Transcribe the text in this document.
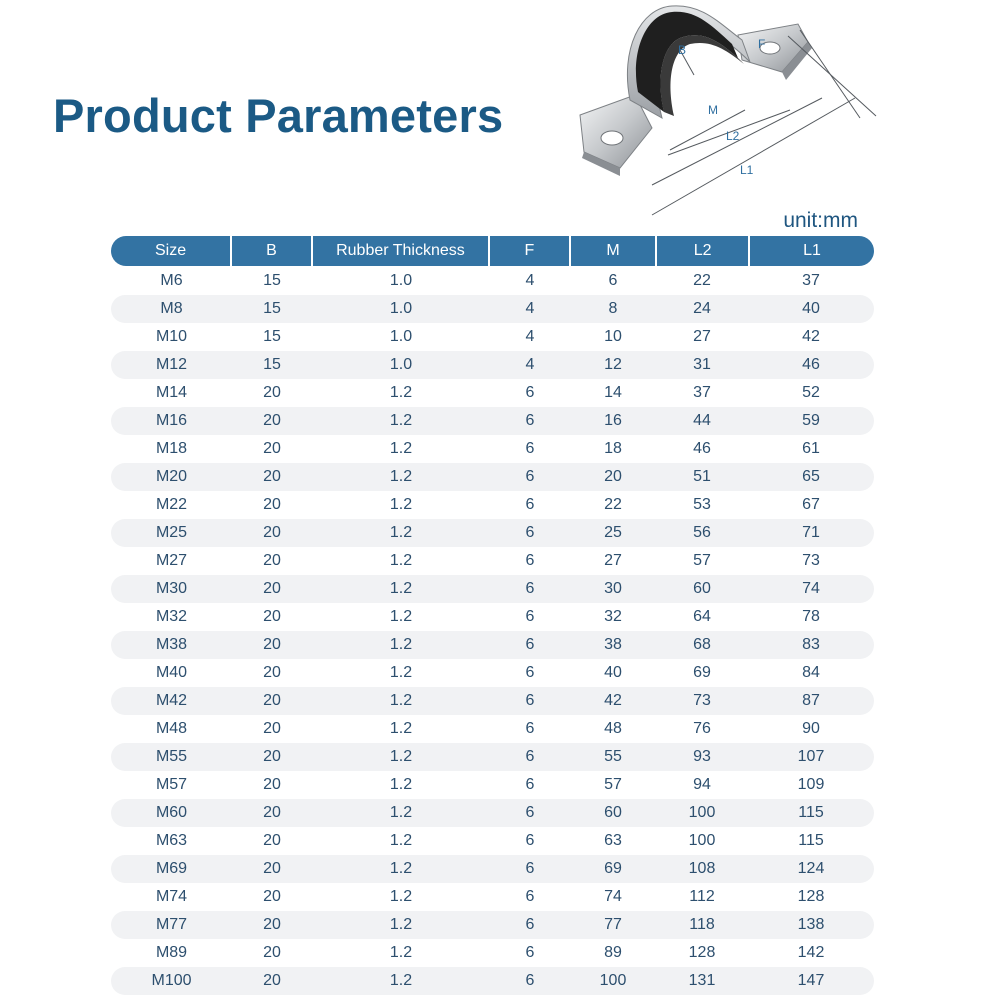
Product Parameters
B	F
M
L2
L1
unit:mm
Size	B	Rubber Thickness	F	M	L2	L1
M6	15	1.0	4	6	22	37
M8	15	1.0	4	8	24	40
M10	15	1.0	4	10	27	42
M12	15	1.0	4	12	31	46
M14	20	1.2	6	14	37	52
M16	20	1.2	6	16	44	59
M18	20	1.2	6	18	46	61
M20	20	1.2	6	20	51	65
M22	20	1.2	6	22	53	67
M25	20	1.2	6	25	56	71
M27	20	1.2	6	27	57	73
M30	20	1.2	6	30	60	74
M32	20	1.2	6	32	64	78
M38	20	1.2	6	38	68	83
M40	20	1.2	6	40	69	84
M42	20	1.2	6	42	73	87
M48	20	1.2	6	48	76	90
M55	20	1.2	6	55	93	107
M57	20	1.2	6	57	94	109
M60	20	1.2	6	60	100	115
M63	20	1.2	6	63	100	115
M69	20	1.2	6	69	108	124
M74	20	1.2	6	74	112	128
M77	20	1.2	6	77	118	138
M89	20	1.2	6	89	128	142
M100	20	1.2	6	100	131	147
